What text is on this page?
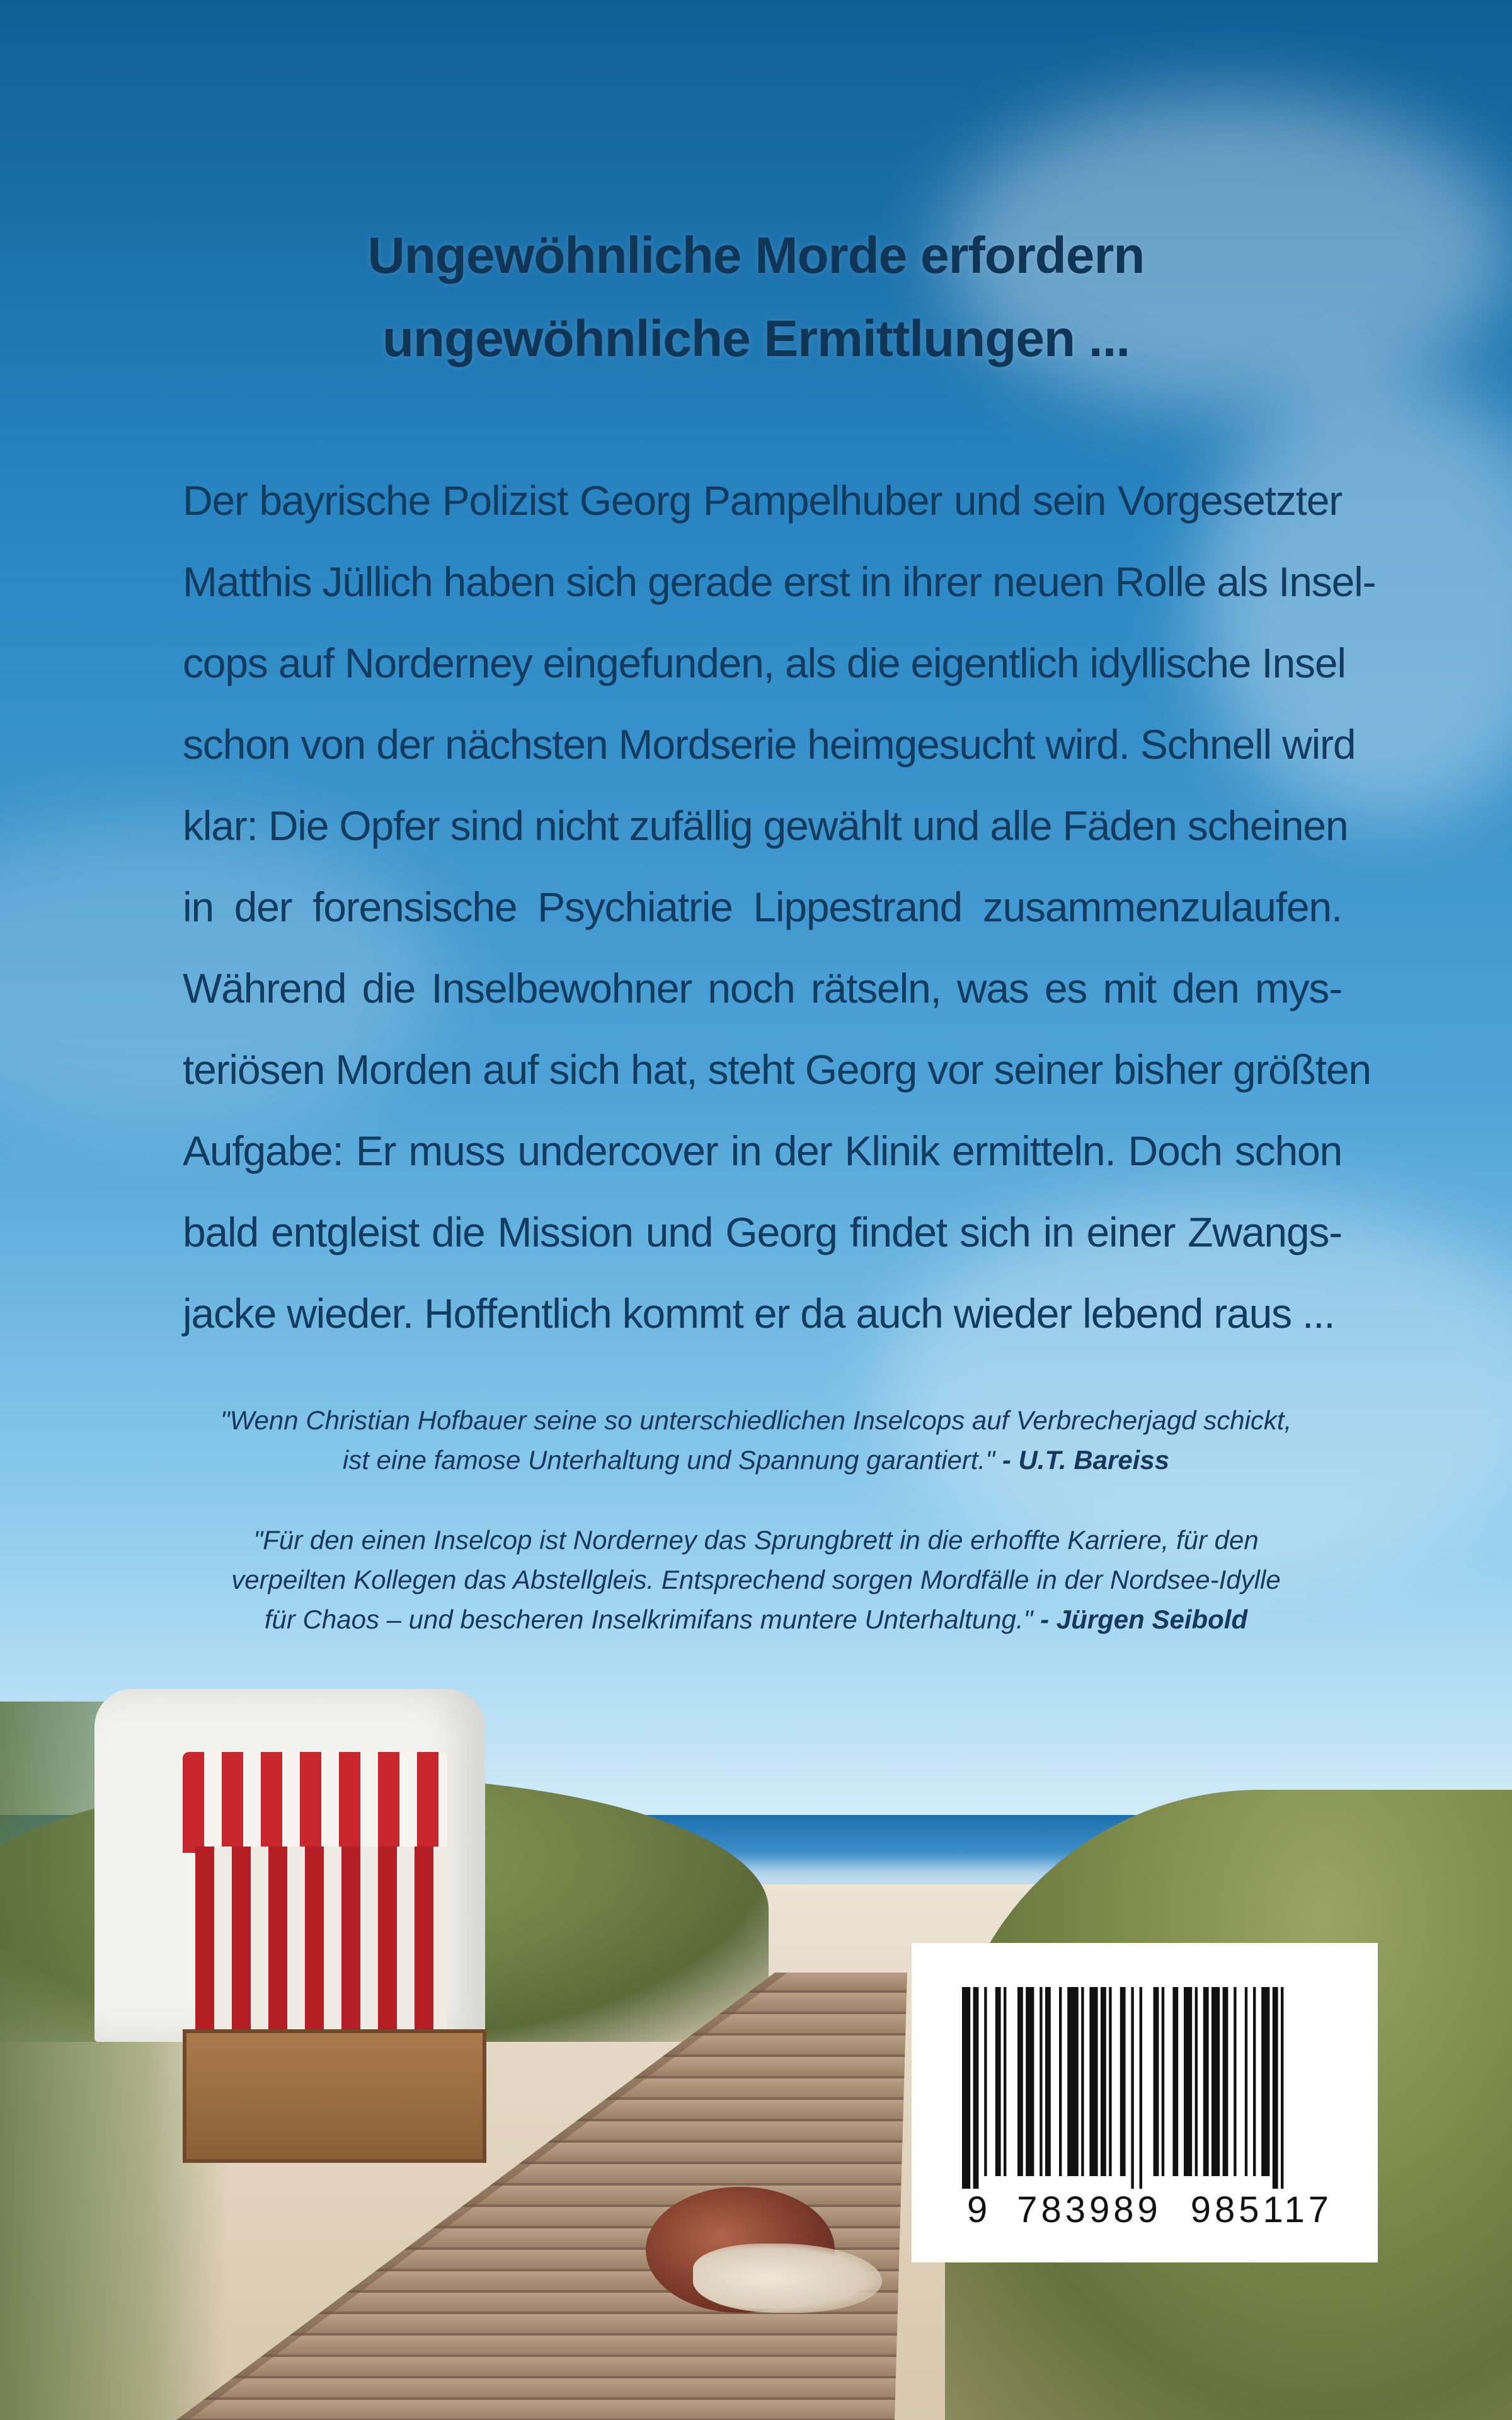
Ungewöhnliche Morde erfordern
ungewöhnliche Ermittlungen ...
Der bayrische Polizist Georg Pampelhuber und sein Vorgesetzter
Matthis Jüllich haben sich gerade erst in ihrer neuen Rolle als Insel-
cops auf Norderney eingefunden, als die eigentlich idyllische Insel
schon von der nächsten Mordserie heimgesucht wird. Schnell wird
klar: Die Opfer sind nicht zufällig gewählt und alle Fäden scheinen
in der forensische Psychiatrie Lippestrand zusammenzulaufen.
Während die Inselbewohner noch rätseln, was es mit den mys-
teriösen Morden auf sich hat, steht Georg vor seiner bisher größten
Aufgabe: Er muss undercover in der Klinik ermitteln. Doch schon
bald entgleist die Mission und Georg findet sich in einer Zwangs-
jacke wieder. Hoffentlich kommt er da auch wieder lebend raus ...
"Wenn Christian Hofbauer seine so unterschiedlichen Inselcops auf Verbrecherjagd schickt,
ist eine famose Unterhaltung und Spannung garantiert." - U.T. Bareiss
"Für den einen Inselcop ist Norderney das Sprungbrett in die erhoffte Karriere, für den
verpeilten Kollegen das Abstellgleis. Entsprechend sorgen Mordfälle in der Nordsee-Idylle
für Chaos – und bescheren Inselkrimifans muntere Unterhaltung." - Jürgen Seibold
9 783989 985117
